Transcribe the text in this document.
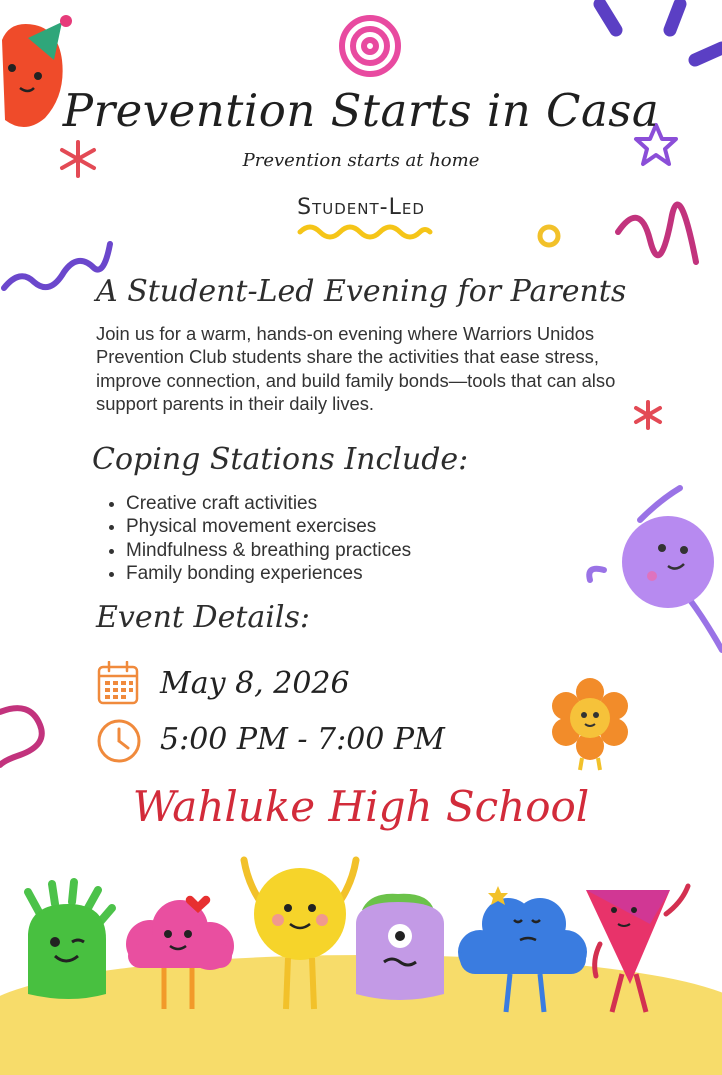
Prevention Starts in Casa
Prevention starts at home
Student-Led
A Student-Led Evening for Parents
Join us for a warm, hands-on evening where Warriors Unidos Prevention Club students share the activities that ease stress, improve connection, and build family bonds—tools that can also support parents in their daily lives.
Coping Stations Include:
• Creative craft activities
• Physical movement exercises
• Mindfulness & breathing practices
• Family bonding experiences
Event Details:
May 8, 2026
5:00 PM - 7:00 PM
Wahluke High School
